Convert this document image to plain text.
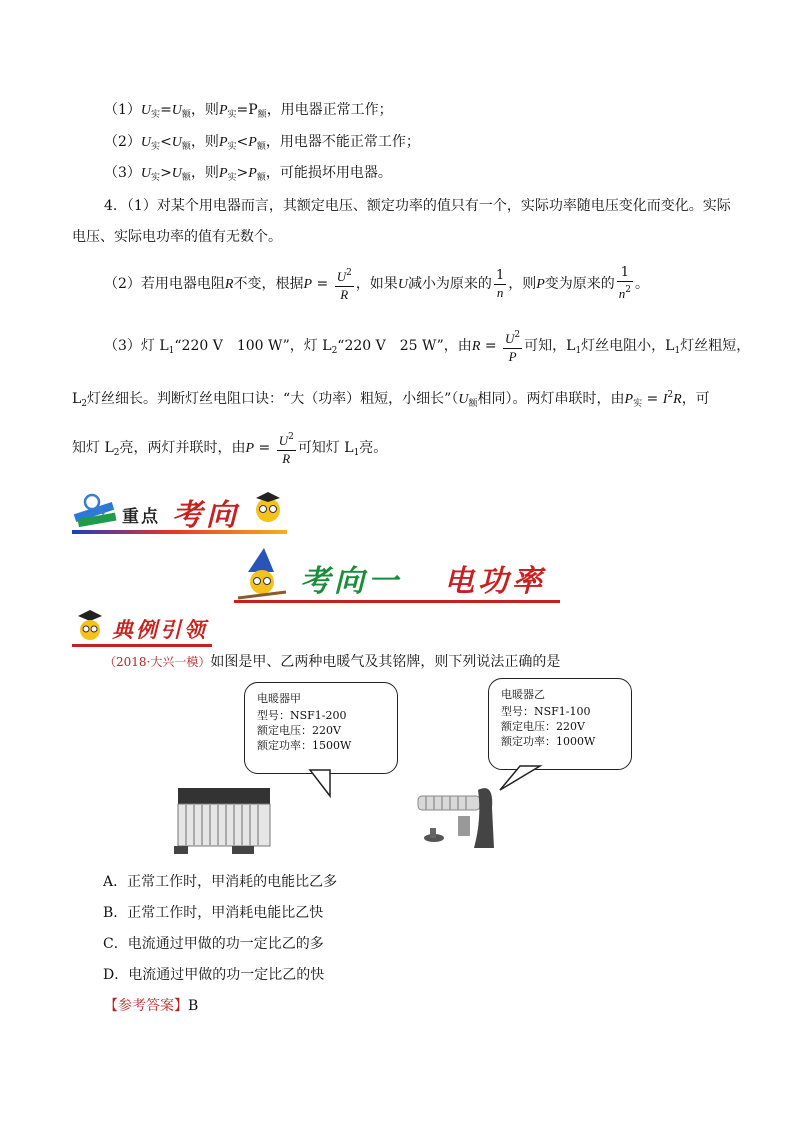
$(1)U_实=U_额$，则$P_实=P_额$，用电器正常工作；
$(2)U_实<U_额$，则$P_实<P_额$，用电器不能正常工作；
$(3)U_实>U_额$，则$P_实>P_额$，可能损坏用电器。
4．（1）对某个用电器而言，其额定电压、额定功率的值只有一个，实际功率随电压变化而变化。实际
电压、实际电功率的值有无数个。
（2）若用电器电阻R不变，根据$P = \frac{U^2}{R}$ ，如果U减小为原来的 $\frac{1}{n}$ ，则P变为原来的 $\frac{1}{n^2}$ 。
（3）灯 $L_1“220$ V　100 W”，灯 $L_2“220$ V　25 W”，由$R = \frac{U^2}{P}$ 可知，$L_1$灯丝电阻小，$L_1$灯丝粗短，
$L_2$灯丝细长。判断灯丝电阻口诀：“大（功率）粗短，小细长$”(U_额$相同）。两灯串联时，由$P_实 = I^2R$，可
知灯 $L_2$亮，两灯并联时，由$P = \frac{U^2}{R}$ 可知灯 $L_1$亮。
重点 考向
考向一 电功率
典例引领
（2018·大兴一模）如图是甲、乙两种电暖气及其铭牌，则下列说法正确的是
电暖器甲
型号：NSF1-200
额定电压：220V
额定功率：1500W
电暖器乙
型号：NSF1-100
额定电压：220V
额定功率：1000W
A．正常工作时，甲消耗的电能比乙多
B．正常工作时，甲消耗电能比乙快
C．电流通过甲做的功一定比乙的多
D．电流通过甲做的功一定比乙的快
【参考答案】B
